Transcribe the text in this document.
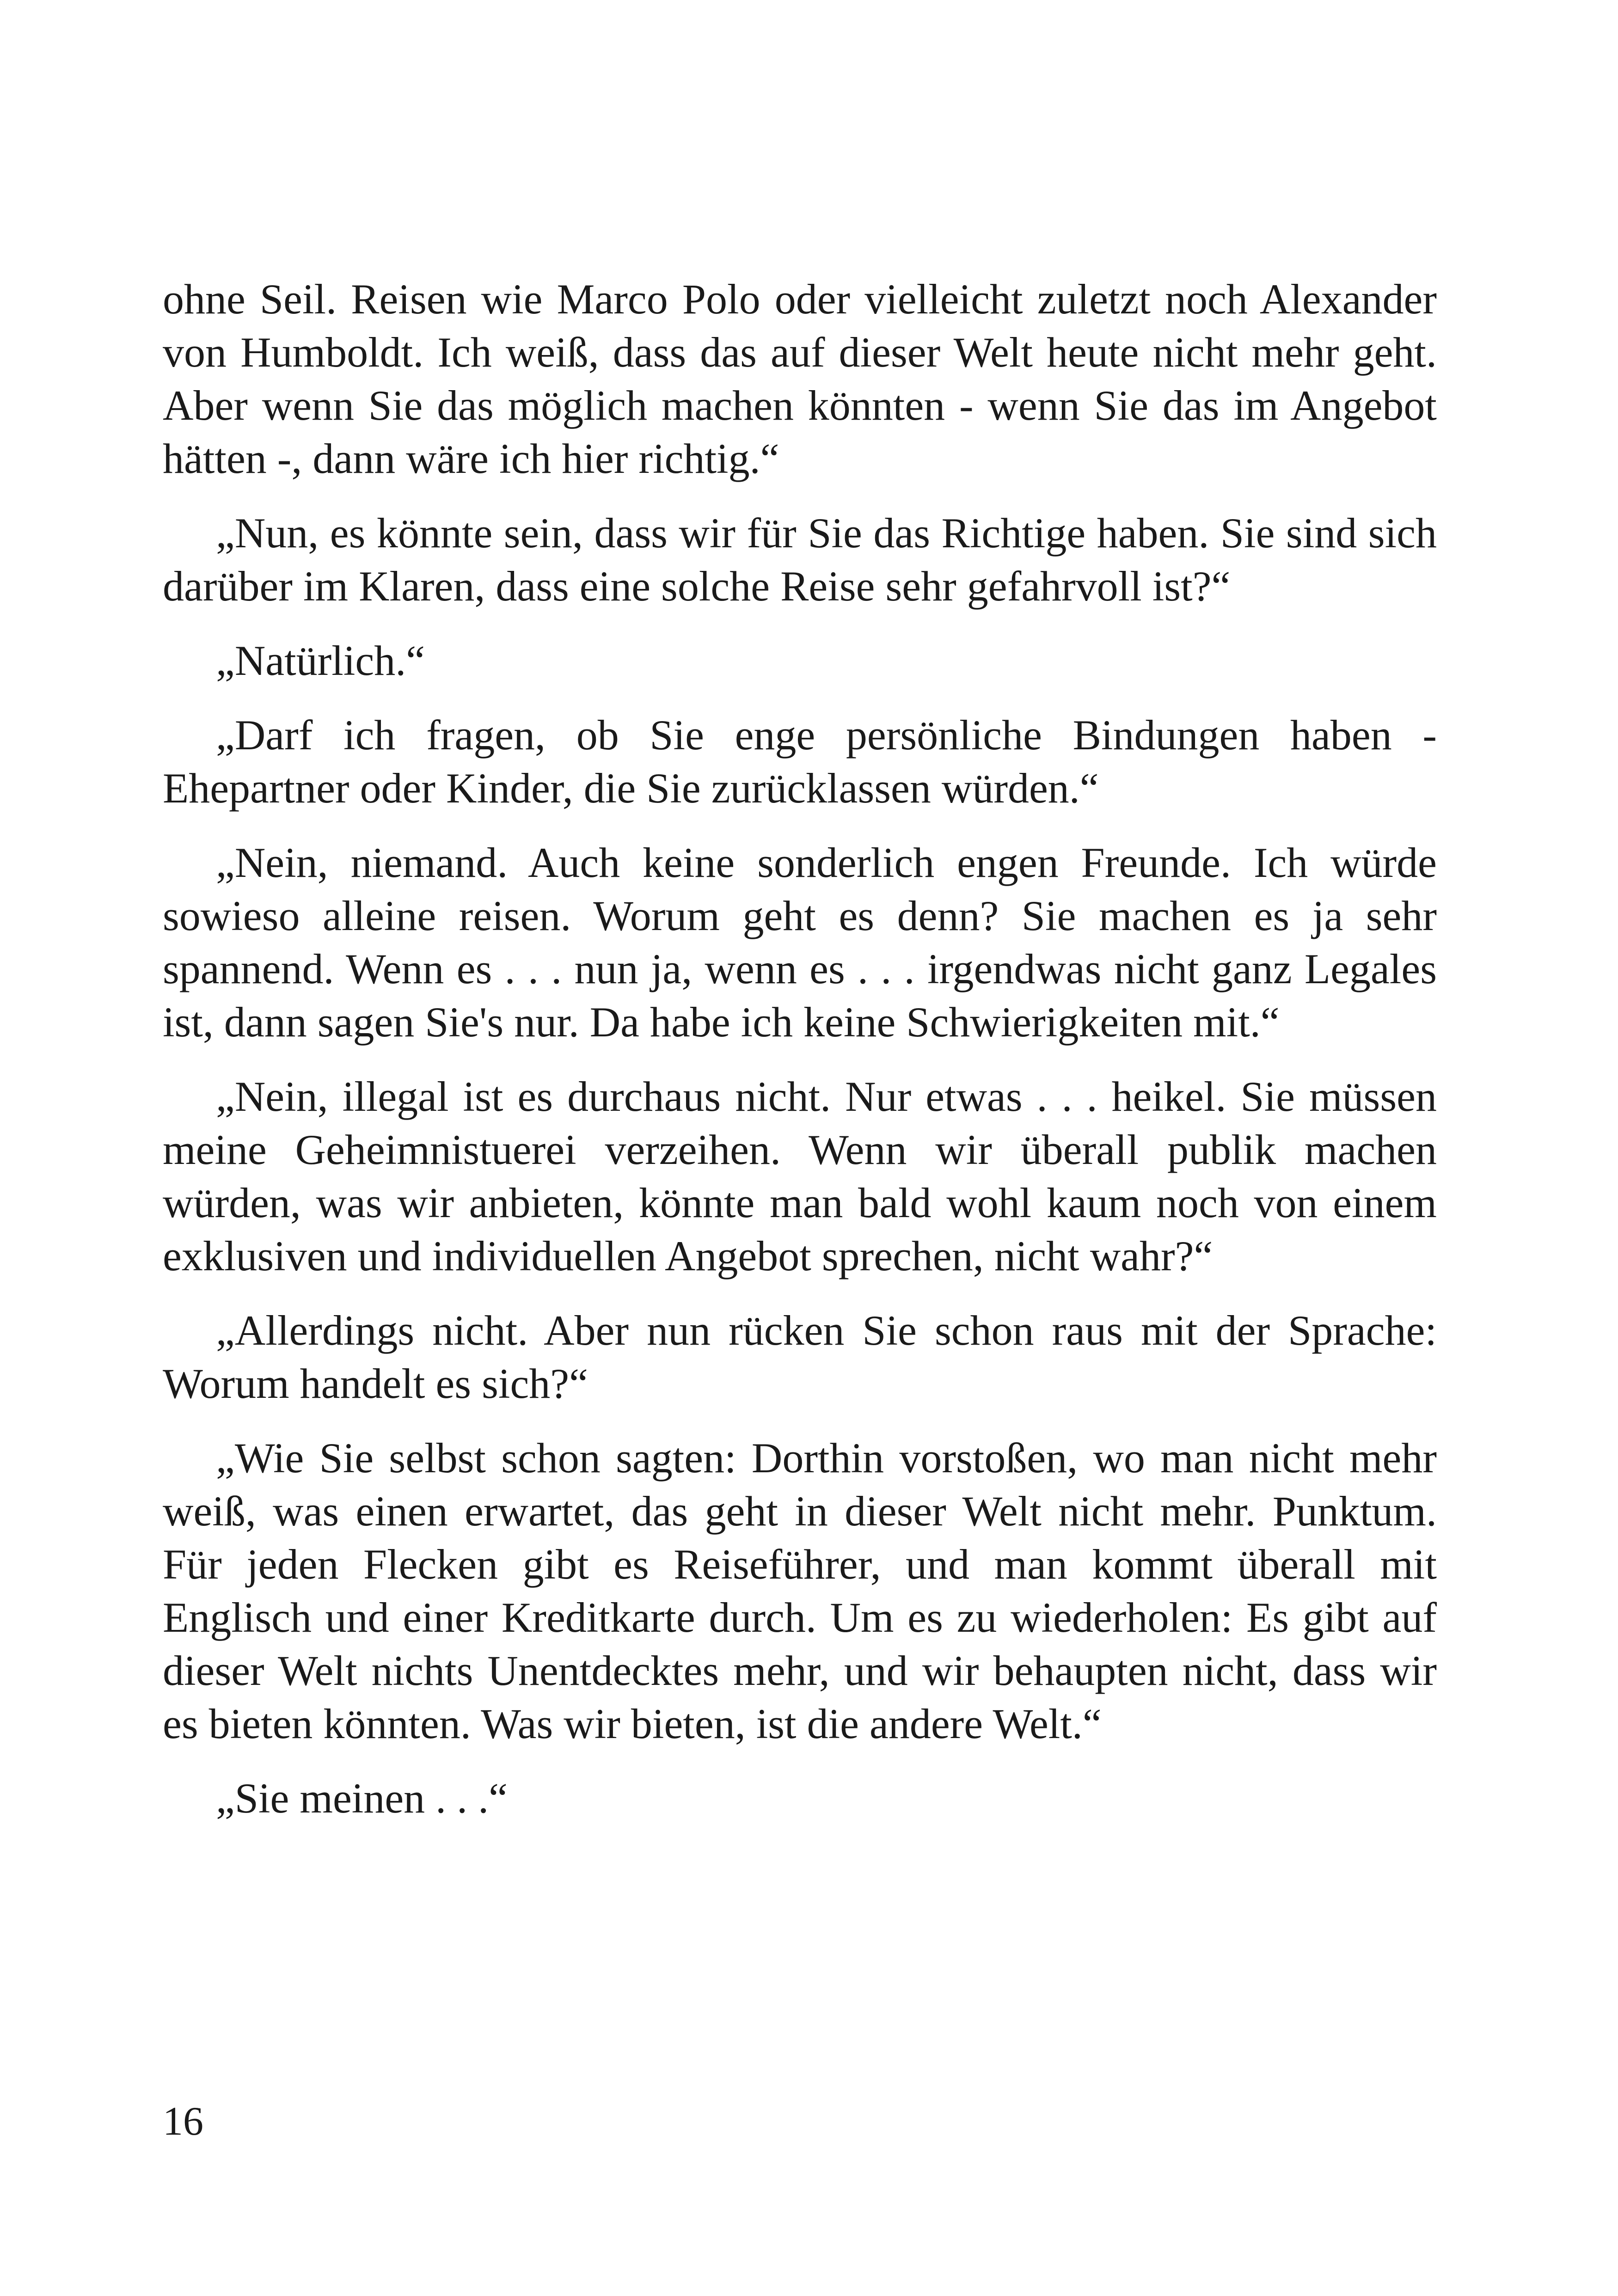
ohne Seil. Reisen wie Marco Polo oder vielleicht zuletzt noch Alexander von Humboldt. Ich weiß, dass das auf dieser Welt heute nicht mehr geht. Aber wenn Sie das möglich machen könnten - wenn Sie das im Angebot hätten -, dann wäre ich hier richtig.“

„Nun, es könnte sein, dass wir für Sie das Richtige haben. Sie sind sich darüber im Klaren, dass eine solche Reise sehr gefahrvoll ist?“

„Natürlich.“

„Darf ich fragen, ob Sie enge persönliche Bindungen haben - Ehepartner oder Kinder, die Sie zurücklassen würden.“

„Nein, niemand. Auch keine sonderlich engen Freunde. Ich würde sowieso alleine reisen. Worum geht es denn? Sie machen es ja sehr spannend. Wenn es . . . nun ja, wenn es . . . irgendwas nicht ganz Legales ist, dann sagen Sie's nur. Da habe ich keine Schwierigkeiten mit.“

„Nein, illegal ist es durchaus nicht. Nur etwas . . . heikel. Sie müssen meine Geheimnistuerei verzeihen. Wenn wir überall publik machen würden, was wir anbieten, könnte man bald wohl kaum noch von einem exklusiven und individuellen Angebot sprechen, nicht wahr?“

„Allerdings nicht. Aber nun rücken Sie schon raus mit der Sprache: Worum handelt es sich?“

„Wie Sie selbst schon sagten: Dorthin vorstoßen, wo man nicht mehr weiß, was einen erwartet, das geht in dieser Welt nicht mehr. Punktum. Für jeden Flecken gibt es Reiseführer, und man kommt überall mit Englisch und einer Kreditkarte durch. Um es zu wiederholen: Es gibt auf dieser Welt nichts Unentdecktes mehr, und wir behaupten nicht, dass wir es bieten könnten. Was wir bieten, ist die andere Welt.“

„Sie meinen . . .“

16
